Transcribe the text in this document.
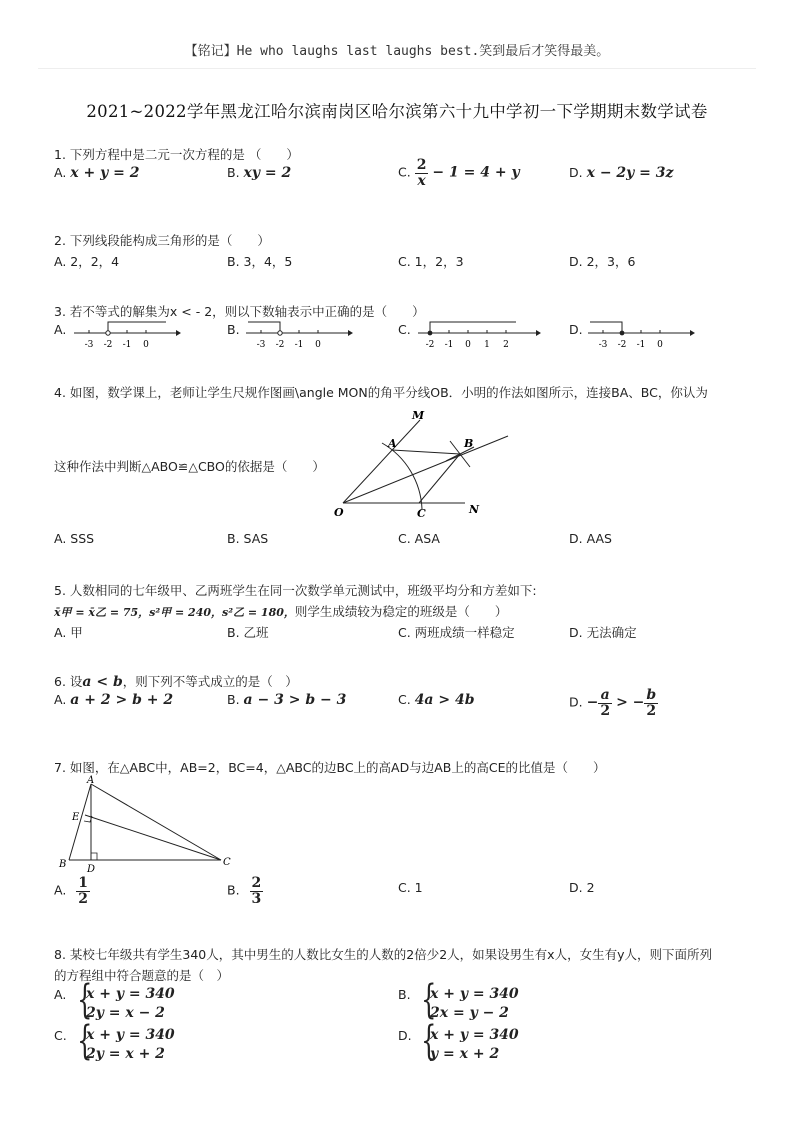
【铭记】He who laughs last laughs best.笑到最后才笑得最美。
2021~2022学年黑龙江哈尔滨南岗区哈尔滨第六十九中学初一下学期期末数学试卷
1. 下列方程中是二元一次方程的是 （　　）
A. x + y = 2	B. xy = 2	C. $\frac{2}{x} - 1 = 4 + y$	D. x − 2y = 3z
2. 下列线段能构成三角形的是（　　）
A. 2，2，4	B. 3，4，5	C. 1，2，3	D. 2，3，6
3. 若不等式的解集为x < - 2，则以下数轴表示中正确的是（　　）
A.	B.	C.	D.
-3 -2 -1 0	-3 -2 -1 0	-2 -1 0 1 2	-3 -2 -1 0
4. 如图，数学课上，老师让学生尺规作图画\angle MON的角平分线OB．小明的作法如图所示，连接BA、BC，你认为
这种作法中判断△ABO≌△CBO的依据是（　　）
M
A	B
O	C	N
A. SSS	B. SAS	C. ASA	D. AAS
5. 人数相同的七年级甲、乙两班学生在同一次数学单元测试中，班级平均分和方差如下:
x̄甲 = x̄乙 = 75，s²甲 = 240，s²乙 = 180，则学生成绩较为稳定的班级是（　　）
A. 甲	B. 乙班	C. 两班成绩一样稳定	D. 无法确定
6. 设a < b，则下列不等式成立的是（　）
A. a + 2 > b + 2	B. a − 3 > b − 3	C. 4a > 4b	D. − $\frac{a}{2}$ > − $\frac{b}{2}$
7. 如图，在△ABC中，AB=2，BC=4，△ABC的边BC上的高AD与边AB上的高CE的比值是（　　）
A
E
B D
C
A. $\frac{1}{2}$	B. $\frac{2}{3}$	C. 1	D. 2
8. 某校七年级共有学生340人，其中男生的人数比女生的人数的2倍少2人，如果设男生有x人，女生有y人，则下面所列
的方程组中符合题意的是（　）
A. {
x + y = 340
2y = x − 2
B. {
x + y = 340
2x = y − 2
C. {
x + y = 340
2y = x + 2
D. {
x + y = 340
y = x + 2
